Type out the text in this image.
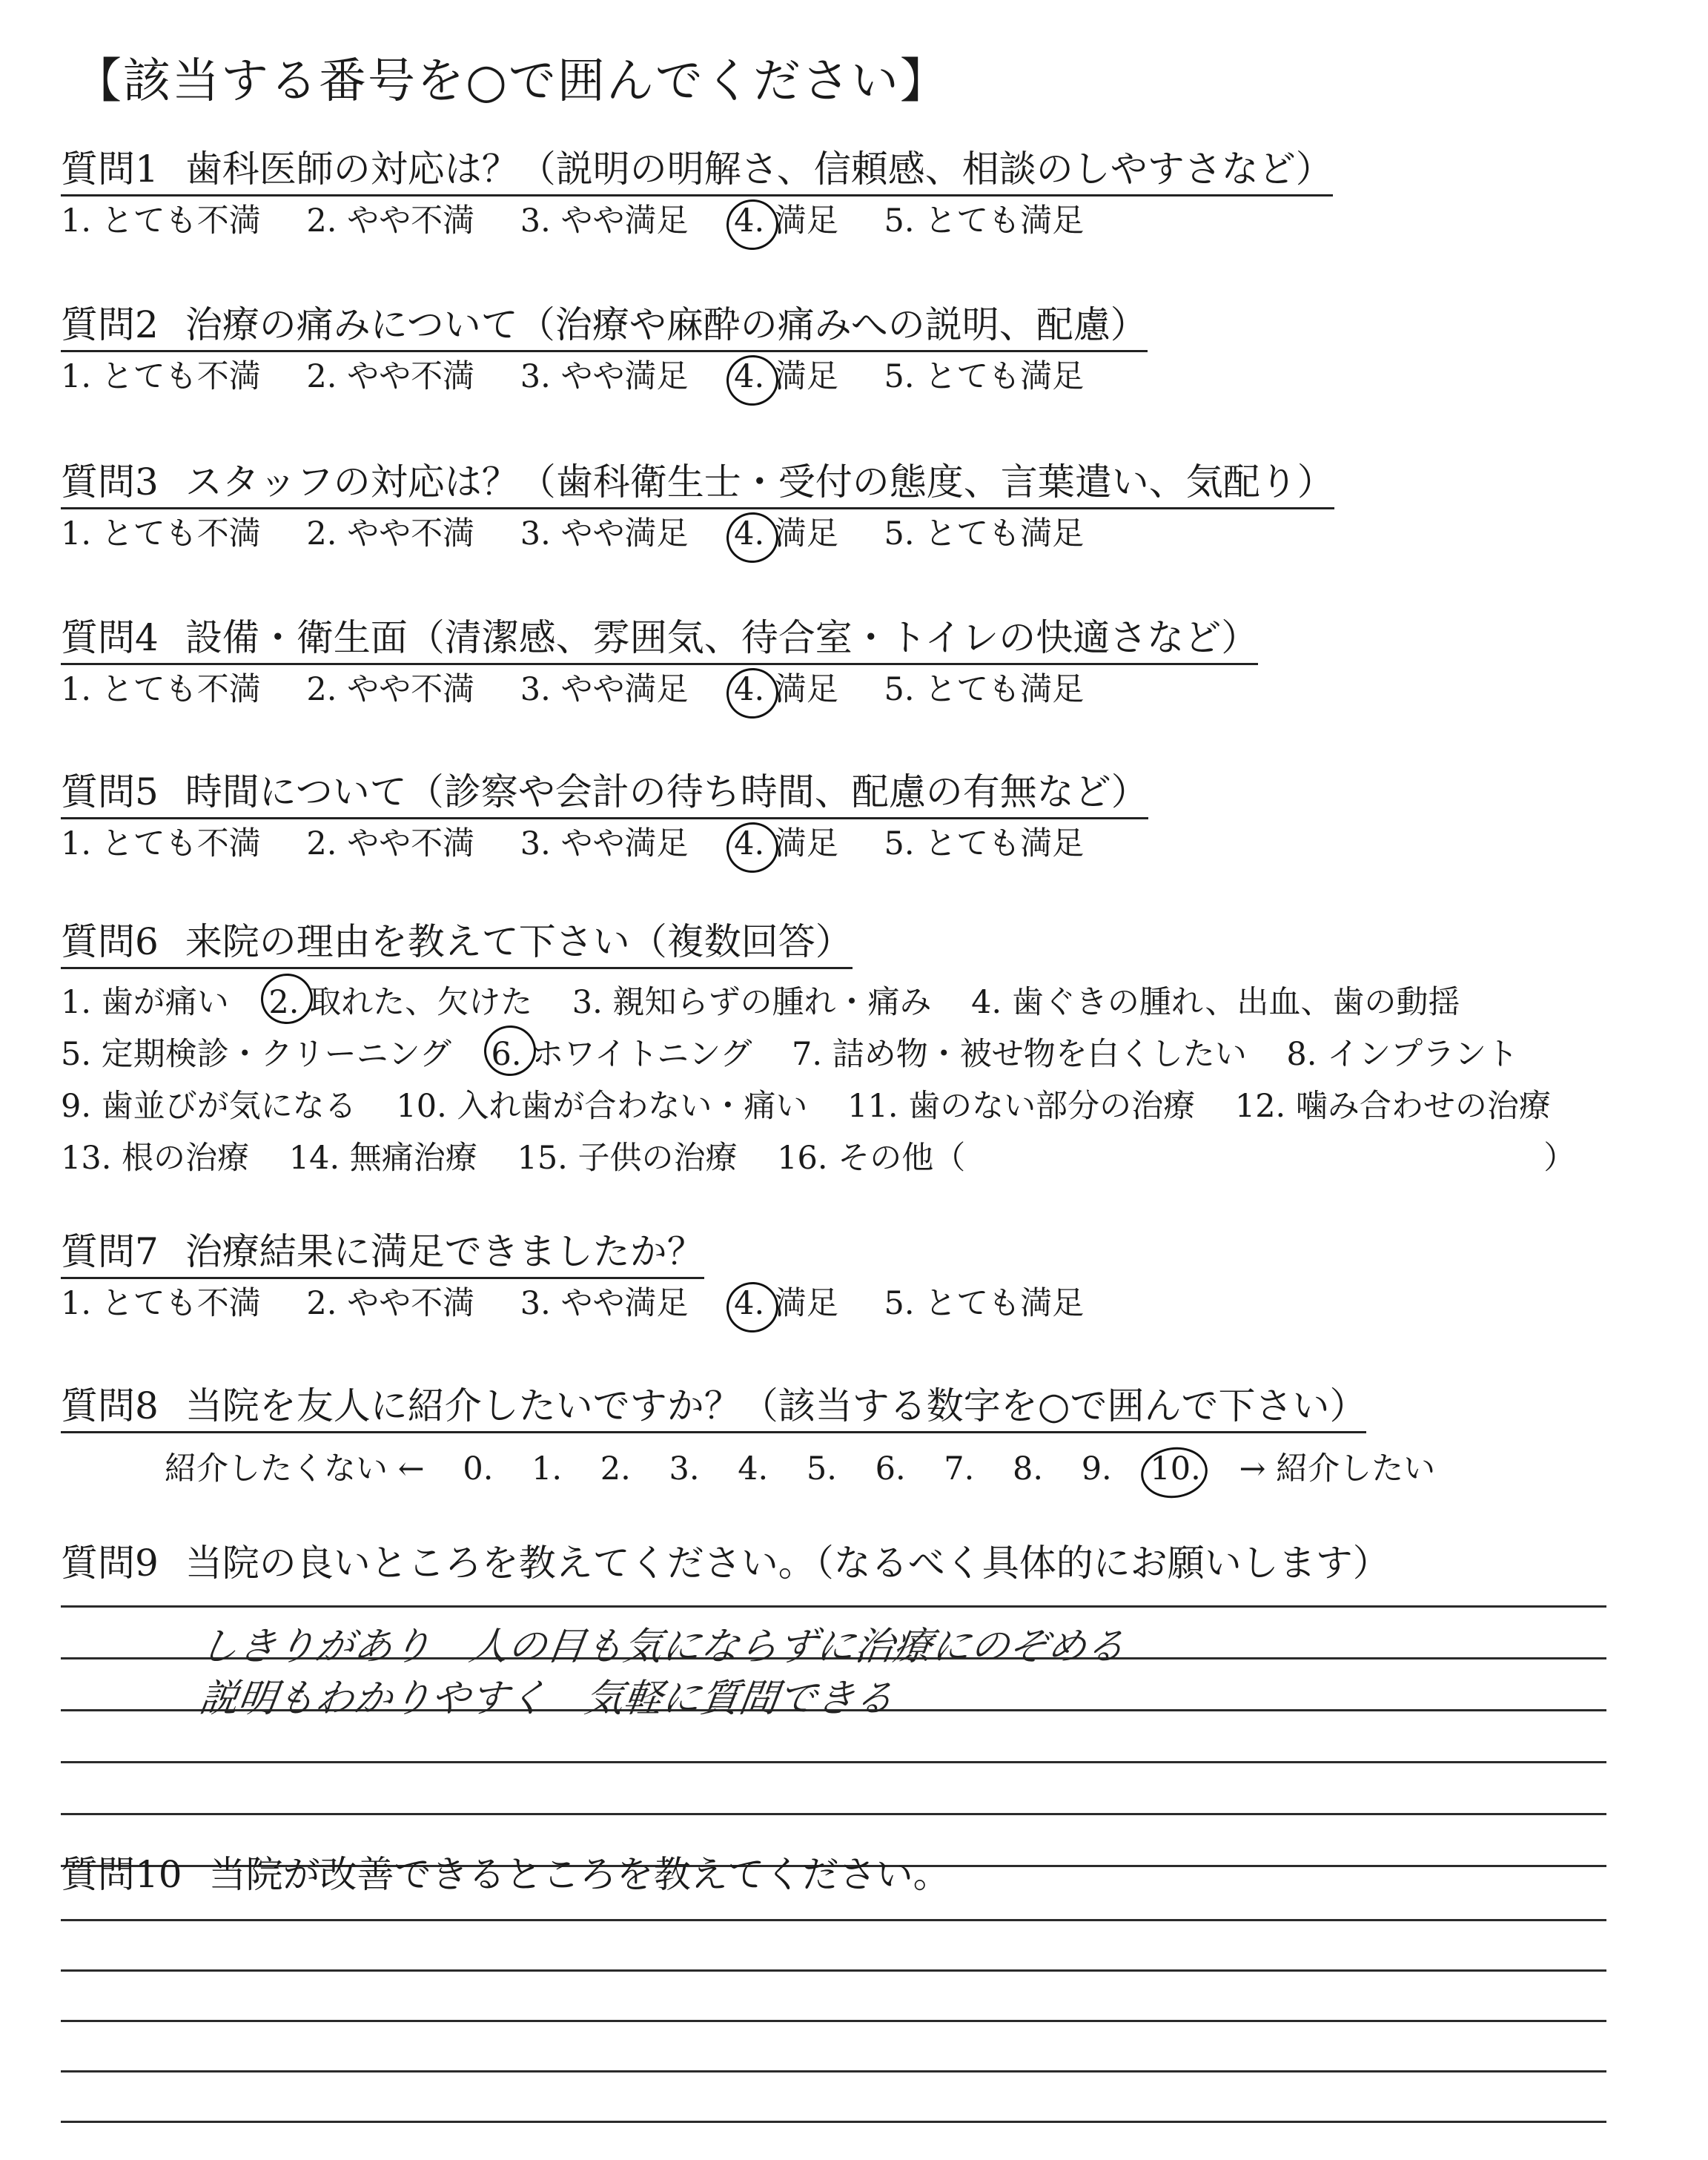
【該当する番号を○で囲んでください】
質問1 歯科医師の対応は？（説明の明解さ、信頼感、相談のしやすさなど）
1. とても不満 2. やや不満 3. やや満足 4. 満足 5. とても満足
質問2 治療の痛みについて（治療や麻酔の痛みへの説明、配慮）
1. とても不満 2. やや不満 3. やや満足 4. 満足 5. とても満足
質問3 スタッフの対応は？（歯科衛生士・受付の態度、言葉遣い、気配り）
1. とても不満 2. やや不満 3. やや満足 4. 満足 5. とても満足
質問4 設備・衛生面（清潔感、雰囲気、待合室・トイレの快適さなど）
1. とても不満 2. やや不満 3. やや満足 4. 満足 5. とても満足
質問5 時間について（診察や会計の待ち時間、配慮の有無など）
1. とても不満 2. やや不満 3. やや満足 4. 満足 5. とても満足
質問6 来院の理由を教えて下さい（複数回答）
1. 歯が痛い 2. 取れた、欠けた 3. 親知らずの腫れ・痛み 4. 歯ぐきの腫れ、出血、歯の動揺
5. 定期検診・クリーニング 6. ホワイトニング 7. 詰め物・被せ物を白くしたい 8. インプラント
9. 歯並びが気になる 10. 入れ歯が合わない・痛い 11. 歯のない部分の治療 12. 噛み合わせの治療
13. 根の治療 14. 無痛治療 15. 子供の治療 16. その他（	）
質問7 治療結果に満足できましたか？
1. とても不満 2. やや不満 3. やや満足 4. 満足 5. とても満足
質問8 当院を友人に紹介したいですか？（該当する数字を○で囲んで下さい）
紹介したくない ← 0. 1. 2. 3. 4. 5. 6. 7. 8. 9. 10. → 紹介したい
質問9 当院の良いところを教えてください。（なるべく具体的にお願いします）
しきりがあり　人の目も気にならずに治療にのぞめる
説明もわかりやすく　気軽に質問できる
質問10 当院が改善できるところを教えてください。
